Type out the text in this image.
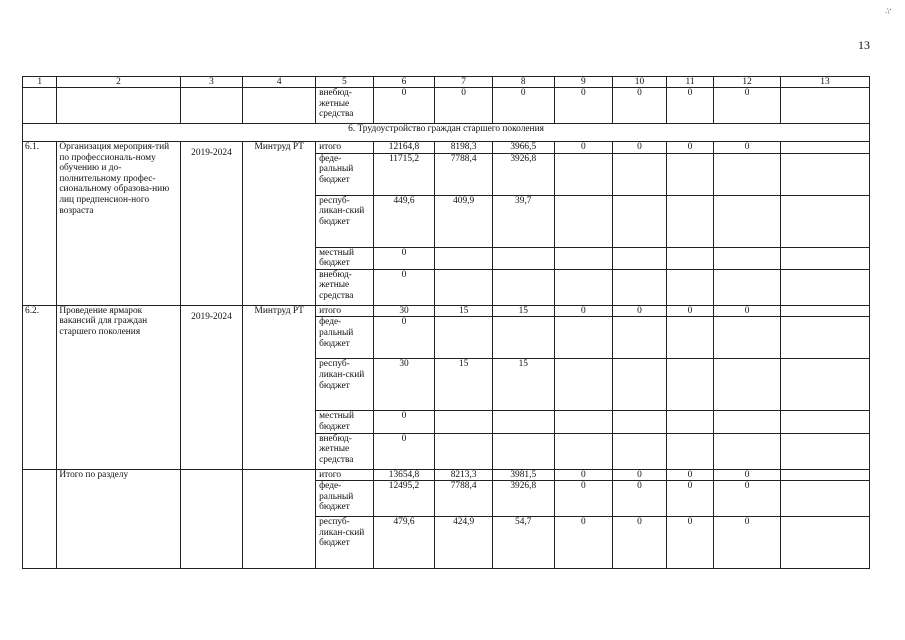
·/·
13
1	2	3	4	5	6	7	8	9	10	11	12	13
				внебюд-жетные средства	0	0	0	0	0	0	0	
6. Трудоустройство граждан старшего поколения												
6.1.	Организация мероприя-тий по профессиональ-ному обучению и до-полнительному профес-сиональному образова-нию лиц предпенсион-ного возраста	2019-2024	Минтруд РТ	итого	12164,8	8198,3	3966,5	0	0	0	0	
				феде-ральный бюджет	11715,2	7788,4	3926,8					
				респуб-ликан-ский бюджет	449,6	409,9	39,7					
				местный бюджет	0							
				внебюд-жетные средства	0							
6.2.	Проведение ярмарок вакансий для граждан старшего поколения	2019-2024	Минтруд РТ	итого	30	15	15	0	0	0	0	
				феде-ральный бюджет	0							
				респуб-ликан-ский бюджет	30	15	15					
				местный бюджет	0							
				внебюд-жетные средства	0							
	Итого по разделу			итого	13654,8	8213,3	3981,5	0	0	0	0	
				феде-ральный бюджет	12495,2	7788,4	3926,8	0	0	0	0	
				респуб-ликан-ский бюджет	479,6	424,9	54,7	0	0	0	0	
